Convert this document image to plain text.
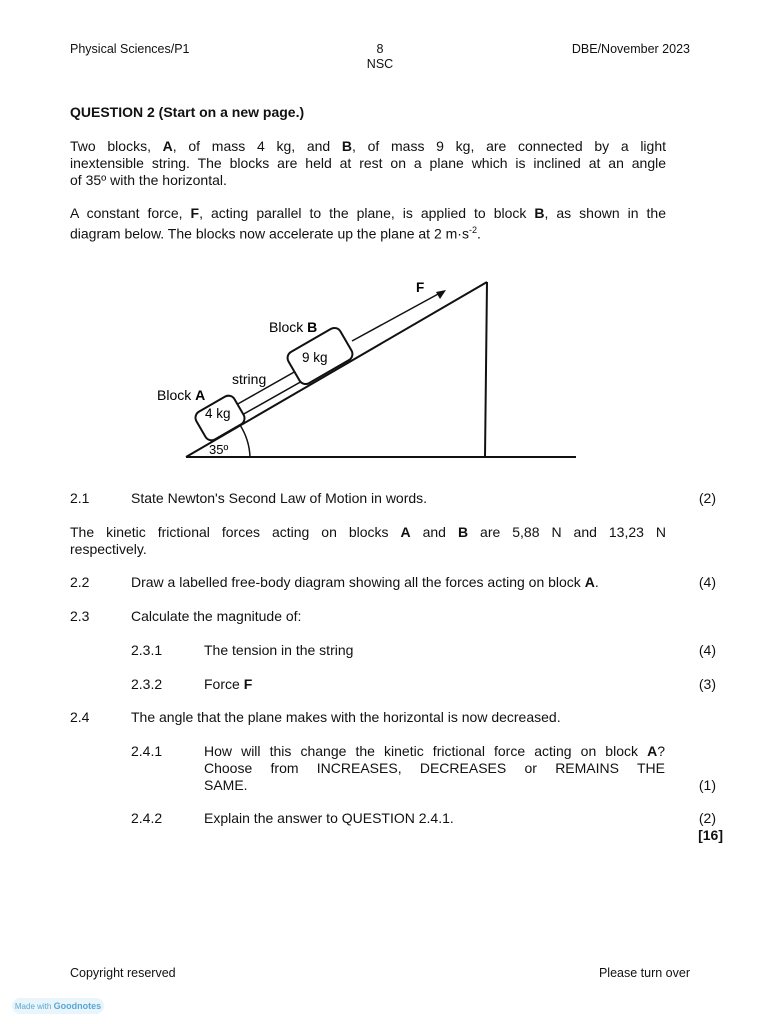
Physical Sciences/P1	8
NSC
DBE/November 2023
QUESTION 2 (Start on a new page.)
Two blocks, A, of mass 4 kg, and B, of mass 9 kg, are connected by a light
inextensible string. The blocks are held at rest on a plane which is inclined at an angle
of 35º with the horizontal.
A constant force, F, acting parallel to the plane, is applied to block B, as shown in the
diagram below. The blocks now accelerate up the plane at 2 $m\cdot s^{-2}$.
35º
4 kg
9 kg
F
Block B
string
Block A
2.1	State Newton's Second Law of Motion in words.	(2)
The kinetic frictional forces acting on blocks A and B are 5,88 N and 13,23 N
respectively.
2.2	Draw a labelled free-body diagram showing all the forces acting on block A.	(4)
2.3	Calculate the magnitude of:
2.3.1	The tension in the string	(4)
2.3.2	Force F	(3)
2.4	The angle that the plane makes with the horizontal is now decreased.
2.4.1	How will this change the kinetic frictional force acting on block A?
Choose from INCREASES, DECREASES or REMAINS THE
SAME.	(1)
2.4.2	Explain the answer to QUESTION 2.4.1.	(2)
[16]
Copyright reserved	Please turn over
Made with Goodnotes
